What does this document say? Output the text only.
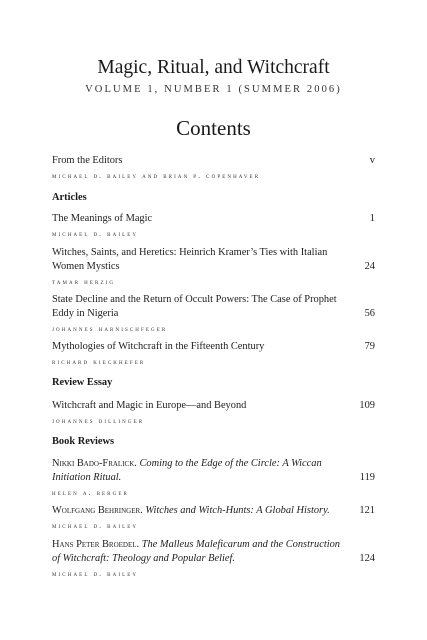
Magic, Ritual, and Witchcraft
VOLUME 1, NUMBER 1 (SUMMER 2006)
Contents
From the Editors	v
michael d. bailey and brian p. copenhaver
Articles
The Meanings of Magic	1
michael d. bailey
Witches, Saints, and Heretics: Heinrich Kramer’s Ties with Italian Women Mystics	24
tamar herzig
State Decline and the Return of Occult Powers: The Case of Prophet Eddy in Nigeria	56
johannes harnischfeger
Mythologies of Witchcraft in the Fifteenth Century	79
richard kieckhefer
Review Essay
Witchcraft and Magic in Europe—and Beyond	109
johannes dillinger
Book Reviews
Nikki Bado-Fralick. Coming to the Edge of the Circle: A Wiccan Initiation Ritual.	119
helen a. berger
Wolfgang Behringer. Witches and Witch-Hunts: A Global History.	121
michael d. bailey
Hans Peter Broedel. The Malleus Maleficarum and the Construction of Witchcraft: Theology and Popular Belief.	124
michael d. bailey
